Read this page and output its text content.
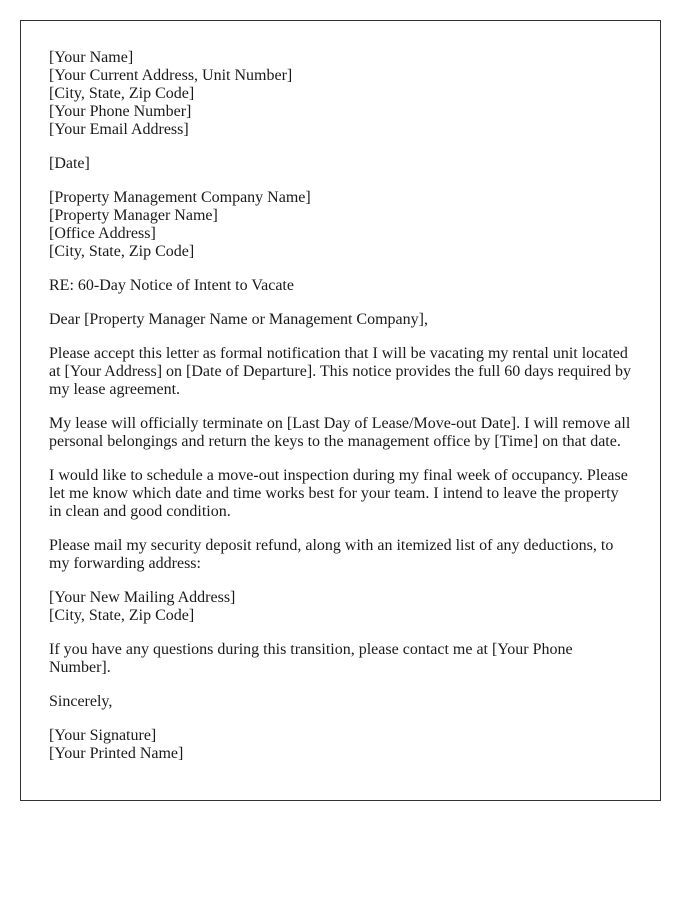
[Your Name]
[Your Current Address, Unit Number]
[City, State, Zip Code]
[Your Phone Number]
[Your Email Address]
[Date]
[Property Management Company Name]
[Property Manager Name]
[Office Address]
[City, State, Zip Code]

RE: 60-Day Notice of Intent to Vacate

Dear [Property Manager Name or Management Company],

Please accept this letter as formal notification that I will be vacating my rental unit located at [Your Address] on [Date of Departure]. This notice provides the full 60 days required by my lease agreement.

My lease will officially terminate on [Last Day of Lease/Move-out Date]. I will remove all personal belongings and return the keys to the management office by [Time] on that date.

I would like to schedule a move-out inspection during my final week of occupancy. Please let me know which date and time works best for your team. I intend to leave the property in clean and good condition.

Please mail my security deposit refund, along with an itemized list of any deductions, to my forwarding address:

[Your New Mailing Address]
[City, State, Zip Code]

If you have any questions during this transition, please contact me at [Your Phone Number].

Sincerely,

[Your Signature]
[Your Printed Name]
